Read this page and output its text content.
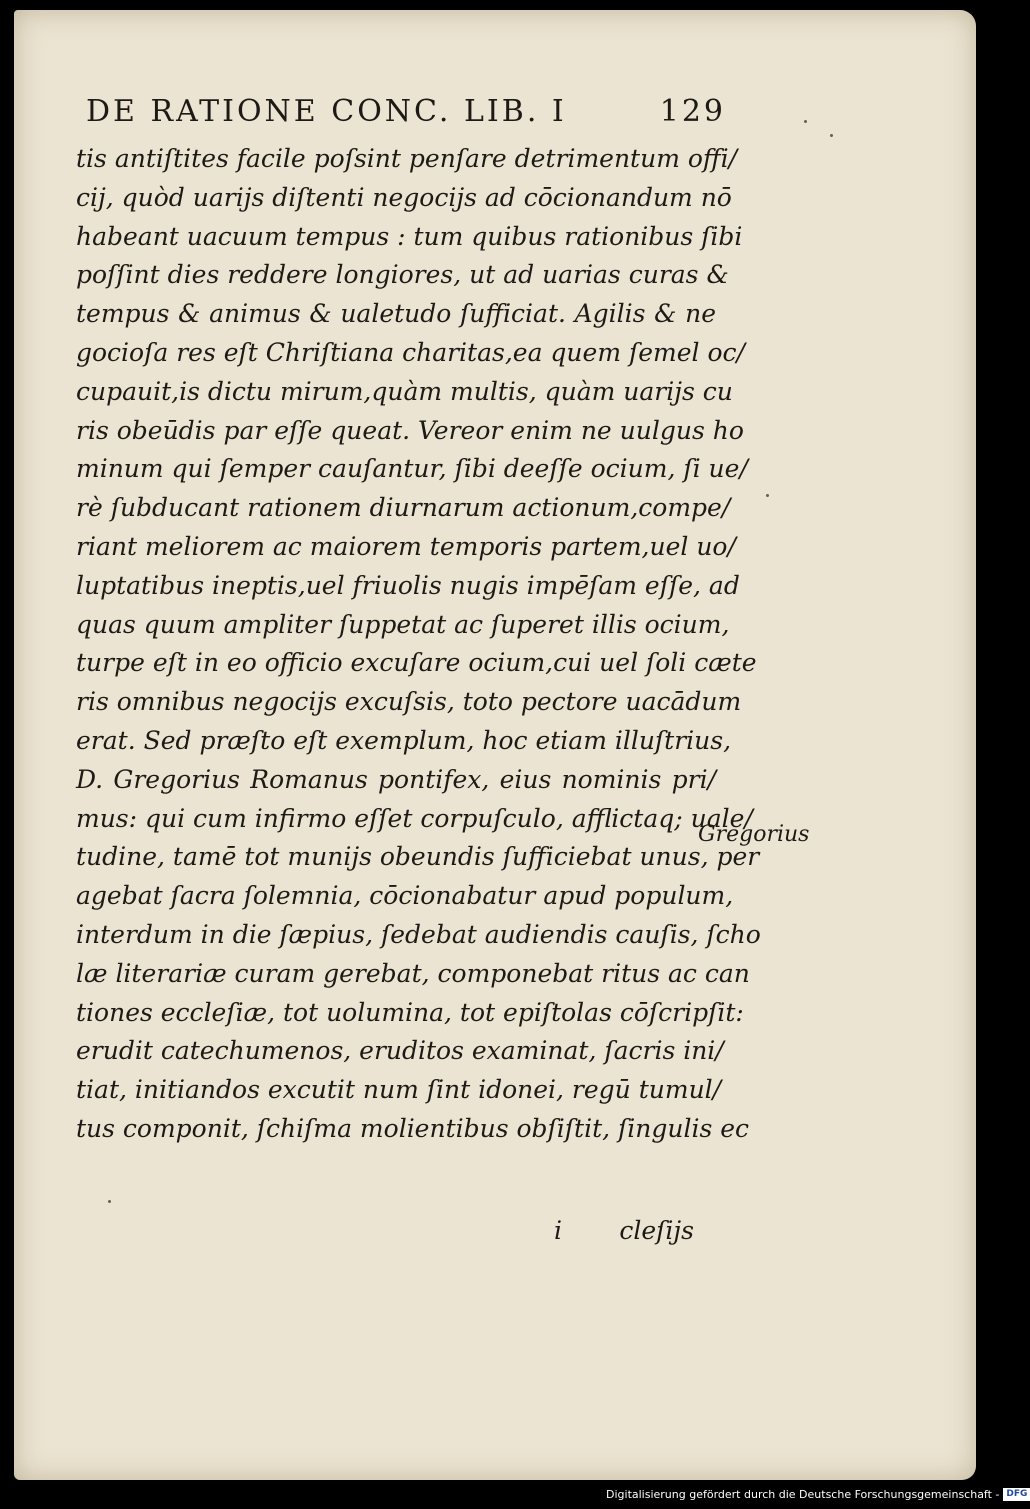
DE RATIONE CONC. LIB. I	129
tis antiſtites facile poſsint penſare detrimentum offi/
cij, quòd uarijs diſtenti negocijs ad cōcionandum nō
habeant uacuum tempus : tum quibus rationibus ſibi
poſſint dies reddere longiores, ut ad uarias curas &
tempus & animus & ualetudo ſufficiat. Agilis & ne
gocioſa res eſt Chriſtiana charitas,ea quem ſemel oc/
cupauit,is dictu mirum,quàm multis, quàm uarijs cu
ris obeūdis par eſſe queat. Vereor enim ne uulgus ho
minum qui ſemper cauſantur, ſibi deeſſe ocium, ſi ue/
rè ſubducant rationem diurnarum actionum,compe/
riant meliorem ac maiorem temporis partem,uel uo/
luptatibus ineptis,uel friuolis nugis impēſam eſſe, ad
quas quum ampliter ſuppetat ac ſuperet illis ocium,
turpe eſt in eo officio excuſare ocium,cui uel ſoli cæte
ris omnibus negocijs excuſsis, toto pectore uacādum
erat. Sed præſto eſt exemplum, hoc etiam illuſtrius,
D. Gregorius Romanus pontifex, eius nominis pri/
mus: qui cum infirmo eſſet corpuſculo, afflictaq; uale/
tudine, tamē tot munijs obeundis ſufficiebat unus, per
agebat ſacra ſolemnia, cōcionabatur apud populum,
interdum in die ſæpius, ſedebat audiendis cauſis, ſcho
læ literariæ curam gerebat, componebat ritus ac can
tiones eccleſiæ, tot uolumina, tot epiſtolas cōſcripſit:
erudit catechumenos, eruditos examinat, ſacris ini/
tiat, initiandos excutit num ſint idonei, regū tumul/
tus componit, ſchiſma molientibus obſiſtit, ſingulis ec
Gregorius
i cleſijs
Digitalisierung gefördert durch die Deutsche Forschungsgemeinschaft - DFG
